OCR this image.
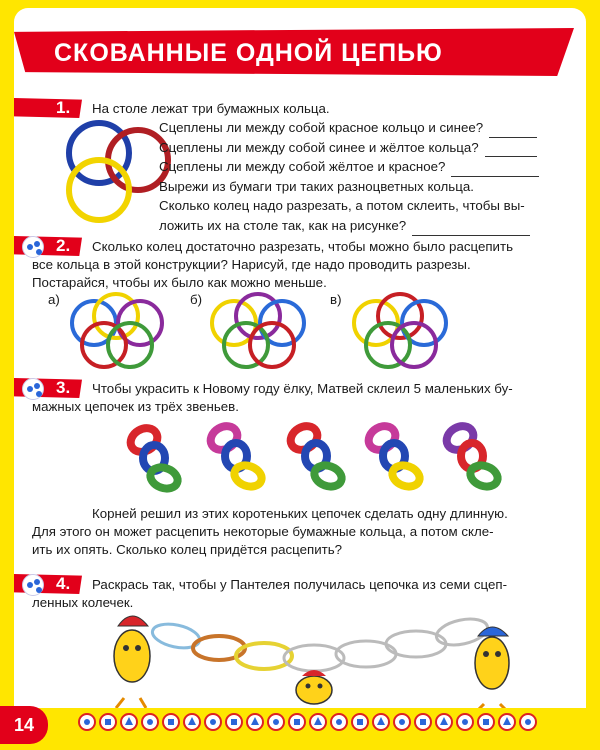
СКОВАННЫЕ ОДНОЙ ЦЕПЬЮ
1. На столе лежат три бумажных кольца.
Сцеплены ли между собой красное кольцо и синее?
Сцеплены ли между собой синее и жёлтое кольца?
Сцеплены ли между собой жёлтое и красное?
Вырежи из бумаги три таких разноцветных кольца.
Сколько колец надо разрезать, а потом склеить, чтобы вы-
ложить их на столе так, как на рисунке?
2. Сколько колец достаточно разрезать, чтобы можно было расцепить
все кольца в этой конструкции? Нарисуй, где надо проводить разрезы.
Постарайся, чтобы их было как можно меньше.
а)	б)	в)
3. Чтобы украсить к Новому году ёлку, Матвей склеил 5 маленьких бу-
мажных цепочек из трёх звеньев.
Корней решил из этих коротеньких цепочек сделать одну длинную.
Для этого он может расцепить некоторые бумажные кольца, а потом скле-
ить их опять. Сколько колец придётся расцепить?
4. Раскрась так, чтобы у Пантелея получилась цепочка из семи сцеп-
ленных колечек.
14
